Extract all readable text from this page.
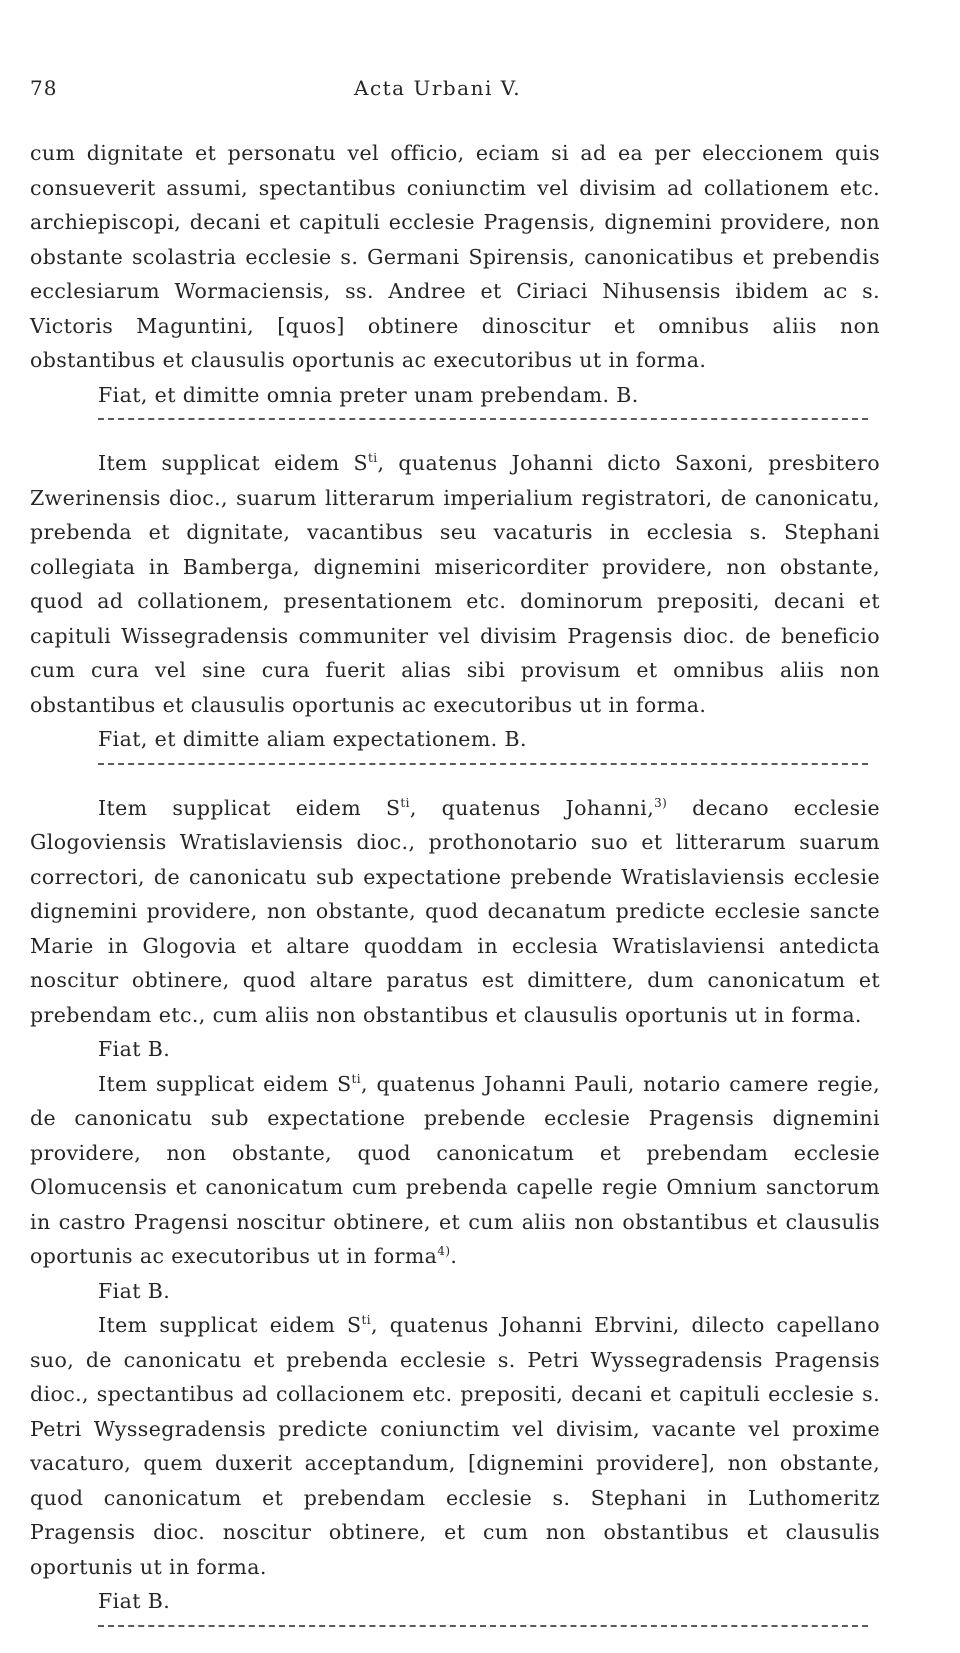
78	Acta Urbani V.

cum dignitate et personatu vel officio, eciam si ad ea per eleccionem quis consueverit assumi, spectantibus coniunctim vel divisim ad collationem etc. archiepiscopi, decani et capituli ecclesie Pragensis, dignemini providere, non obstante scolastria ecclesie s. Germani Spirensis, canonicatibus et prebendis ecclesiarum Wormaciensis, ss. Andree et Ciriaci Nihusensis ibidem ac s. Victoris Maguntini, [quos] obtinere dinoscitur et omnibus aliis non obstantibus et clausulis oportunis ac executoribus ut in forma.

Fiat, et dimitte omnia preter unam prebendam. B.

Item supplicat eidem $S^{ti}$, quatenus Johanni dicto Saxoni, presbitero Zwerinensis dioc., suarum litterarum imperialium registratori, de canonicatu, prebenda et dignitate, vacantibus seu vacaturis in ecclesia s. Stephani collegiata in Bamberga, dignemini misericorditer providere, non obstante, quod ad collationem, presentationem etc. dominorum prepositi, decani et capituli Wissegradensis communiter vel divisim Pragensis dioc. de beneficio cum cura vel sine cura fuerit alias sibi provisum et omnibus aliis non obstantibus et clausulis oportunis ac executoribus ut in forma.

Fiat, et dimitte aliam expectationem. B.

Item supplicat eidem $S^{ti}$, quatenus Johanni,$^{3)}$ decano ecclesie Glogoviensis Wratislaviensis dioc., prothonotario suo et litterarum suarum correctori, de canonicatu sub expectatione prebende Wratislaviensis ecclesie dignemini providere, non obstante, quod decanatum predicte ecclesie sancte Marie in Glogovia et altare quoddam in ecclesia Wratislaviensi antedicta noscitur obtinere, quod altare paratus est dimittere, dum canonicatum et prebendam etc., cum aliis non obstantibus et clausulis oportunis ut in forma.

Fiat B.

Item supplicat eidem $S^{ti}$, quatenus Johanni Pauli, notario camere regie, de canonicatu sub expectatione prebende ecclesie Pragensis dignemini providere, non obstante, quod canonicatum et prebendam ecclesie Olomucensis et canonicatum cum prebenda capelle regie Omnium sanctorum in castro Pragensi noscitur obtinere, et cum aliis non obstantibus et clausulis oportunis ac executoribus ut in forma$^{4)}$.

Fiat B.

Item supplicat eidem $S^{ti}$, quatenus Johanni Ebrvini, dilecto capellano suo, de canonicatu et prebenda ecclesie s. Petri Wyssegradensis Pragensis dioc., spectantibus ad collacionem etc. prepositi, decani et capituli ecclesie s. Petri Wyssegradensis predicte coniunctim vel divisim, vacante vel proxime vacaturo, quem duxerit acceptandum, [dignemini providere], non obstante, quod canonicatum et prebendam ecclesie s. Stephani in Luthomeritz Pragensis dioc. noscitur obtinere, et cum non obstantibus et clausulis oportunis ut in forma.

Fiat B.
